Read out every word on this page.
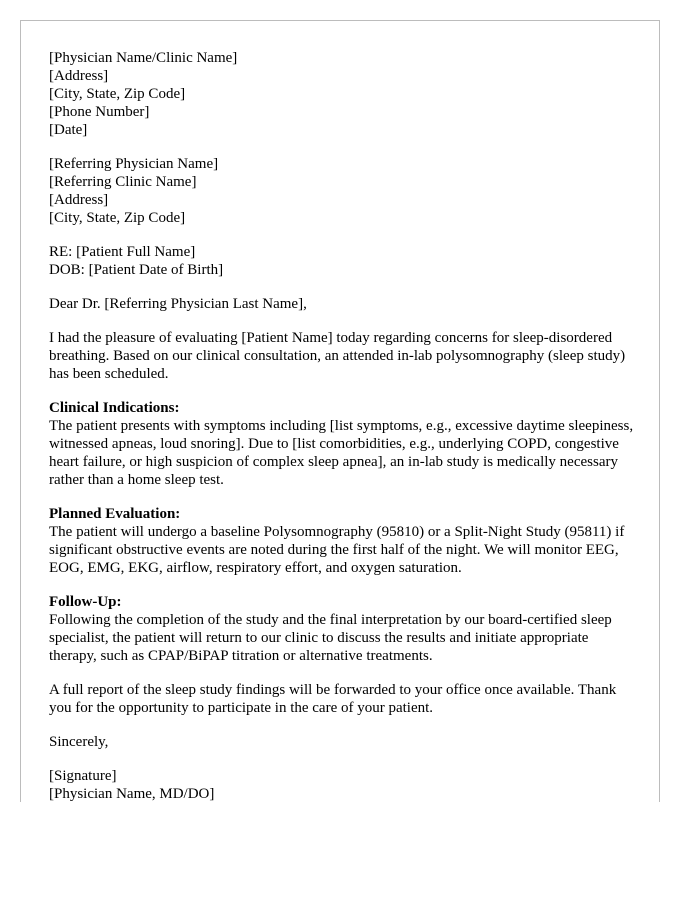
[Physician Name/Clinic Name]
[Address]
[City, State, Zip Code]
[Phone Number]
[Date]
[Referring Physician Name]
[Referring Clinic Name]
[Address]
[City, State, Zip Code]
RE: [Patient Full Name]
DOB: [Patient Date of Birth]
Dear Dr. [Referring Physician Last Name],
I had the pleasure of evaluating [Patient Name] today regarding concerns for sleep-disordered breathing. Based on our clinical consultation, an attended in-lab polysomnography (sleep study) has been scheduled.
Clinical Indications:
The patient presents with symptoms including [list symptoms, e.g., excessive daytime sleepiness, witnessed apneas, loud snoring]. Due to [list comorbidities, e.g., underlying COPD, congestive heart failure, or high suspicion of complex sleep apnea], an in-lab study is medically necessary rather than a home sleep test.
Planned Evaluation:
The patient will undergo a baseline Polysomnography (95810) or a Split-Night Study (95811) if significant obstructive events are noted during the first half of the night. We will monitor EEG, EOG, EMG, EKG, airflow, respiratory effort, and oxygen saturation.
Follow-Up:
Following the completion of the study and the final interpretation by our board-certified sleep specialist, the patient will return to our clinic to discuss the results and initiate appropriate therapy, such as CPAP/BiPAP titration or alternative treatments.
A full report of the sleep study findings will be forwarded to your office once available. Thank you for the opportunity to participate in the care of your patient.
Sincerely,
[Signature]
[Physician Name, MD/DO]
